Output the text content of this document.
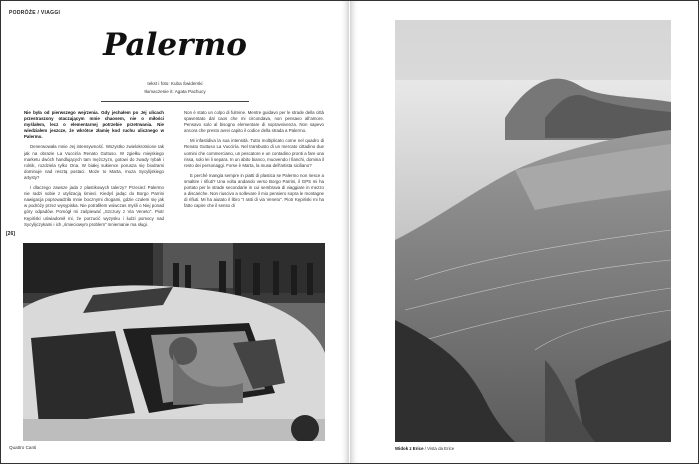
PODRÓŻE / VIAGGI
Palermo
tekst i foto: Kuba Świderski
tłumaczenie it: Agata Pachucy

Nie była od pierwszego wejrzenia. Gdy jechałem po Jej ulicach przestraszony otaczającym mnie chaosem, nie o miłości myślałem, lecz o elementarnej potrzebie przetrwania. Nie wiedziałem jeszcze, że wkrótce złamię kod ruchu ulicznego w Palermo.

Denerwowała mnie Jej intensywność. Wszystko zwielokrotnione tak jak na obrazie La Vuccirìa Renato Guttuso. W zgiełku miejskiego marketu dwóch handlujących tam mężczyzn, gotowi do zwady rybak i rolnik, rozdziela tylko Ona. W białej sukience porusza się biodrami dominuje nad resztą postaci. Może to Marta, muza Sycylijskiego artysty?

I dlaczego zawsze jada z plastikowych talerzy? Przecież Palermo nie radzi sobie z utylizacją śmieci. Kiedyś jadąc do Borgo Parrini nawigacja poprowadziła mnie bocznymi drogami, gdzie czułem się jak w podróży przez wysypiska. Nie potrafiłem wówczas myśli o Niej ponad góry odpadów. Pomógł mi zaśpiewać „Szczury z Via Veneto”. Piotr Kępiński uświadomił mi, że porzucić wyzysku i ludzi pomocy nad Sycylijczykami i ich „śmieciowym problem” mniemanie ma sługi.

Non è stato un colpo di fulmine. Mentre guidavo per le strade della città spaventato dal caos che mi circondava, non pensavo all’amore. Pensavo solo al bisogno elementare di sopravvivenza. Non sapevo ancora che presto avrei capito il codice della strada a Palermo.

Mi infastidiva la sua intensità. Tutto moltiplicato come nel quadro di Renato Guttuso La Vuccirìa. Nel trambusto di un mercato cittadino due uomini che commerciano, un pescatore e un contadino pronti a fare una rissa, solo lei li separa. In un abito bianco, muovendo i fianchi, domina il resto dei personaggi. Forse è Marta, la musa dell’artista siciliano?

E perché mangia sempre in piatti di plastica se Palermo non riesce a smaltire i rifiuti? Una volta andando verso Borgo Parrini, il GPS mi ha portato per le strade secondarie in cui sembrava di viaggiare in mezzo a discariche. Non riuscivo a sollevare il mio pensiero sopra le montagne di rifiuti. Mi ha aiutato il libro “I ratti di via Veneto”. Piotr Kępiński mi ha fatto capire che il senso di

[26]
Quattro Canti	Widok z Erice / Vista da Erice
